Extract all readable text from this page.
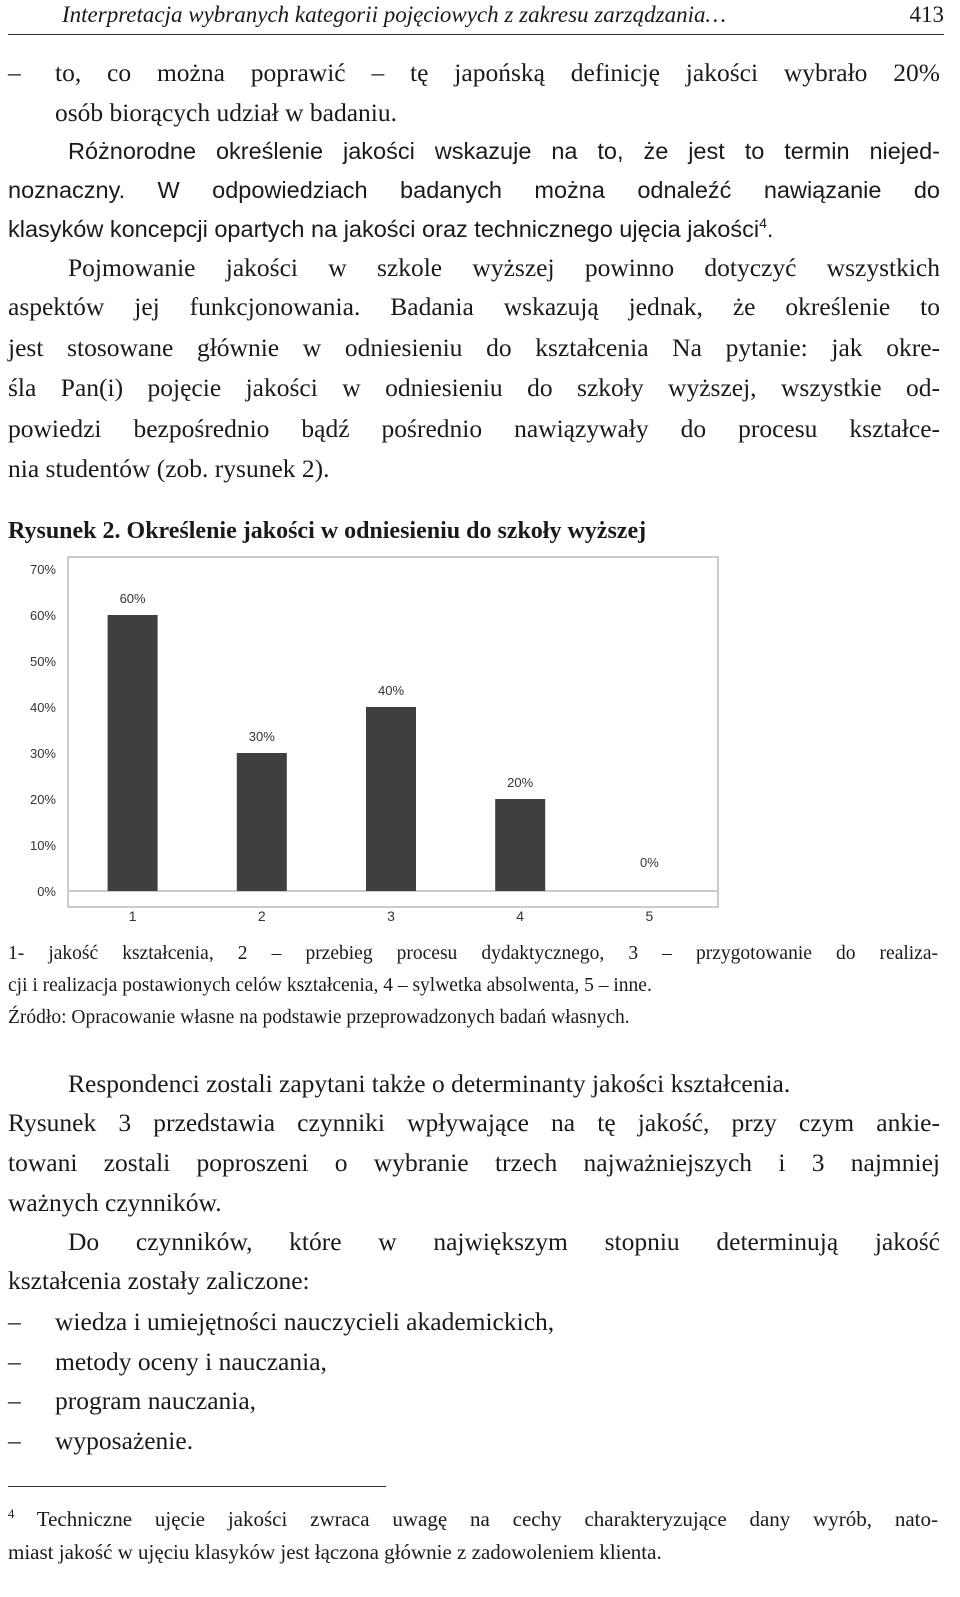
Interpretacja wybranych kategorii pojęciowych z zakresu zarządzania…	413
– to, co można poprawić – tę japońską definicję jakości wybrało 20%
osób biorących udział w badaniu.
Różnorodne określenie jakości wskazuje na to, że jest to termin niejed-
noznaczny. W odpowiedziach badanych można odnaleźć nawiązanie do
klasyków koncepcji opartych na jakości oraz technicznego ujęcia jakości$^4$.
Pojmowanie jakości w szkole wyższej powinno dotyczyć wszystkich
aspektów jej funkcjonowania. Badania wskazują jednak, że określenie to
jest stosowane głównie w odniesieniu do kształcenia Na pytanie: jak okre-
śla Pan(i) pojęcie jakości w odniesieniu do szkoły wyższej, wszystkie od-
powiedzi bezpośrednio bądź pośrednio nawiązywały do procesu kształce-
nia studentów (zob. rysunek 2).
Rysunek 2. Określenie jakości w odniesieniu do szkoły wyższej
0%
10%
20%
30%
40%
50%
60%
70%
60%
30%
40%
20%
0%
1	2	3	4	5
1- jakość kształcenia, 2 – przebieg procesu dydaktycznego, 3 – przygotowanie do realiza-
cji i realizacja postawionych celów kształcenia, 4 – sylwetka absolwenta, 5 – inne.
Źródło: Opracowanie własne na podstawie przeprowadzonych badań własnych.
Respondenci zostali zapytani także o determinanty jakości kształcenia.
Rysunek 3 przedstawia czynniki wpływające na tę jakość, przy czym ankie-
towani zostali poproszeni o wybranie trzech najważniejszych i 3 najmniej
ważnych czynników.
Do czynników, które w największym stopniu determinują jakość
kształcenia zostały zaliczone:
– wiedza i umiejętności nauczycieli akademickich,
– metody oceny i nauczania,
– program nauczania,
– wyposażenie.
$^4$ Techniczne ujęcie jakości zwraca uwagę na cechy charakteryzujące dany wyrób, nato-
miast jakość w ujęciu klasyków jest łączona głównie z zadowoleniem klienta.
